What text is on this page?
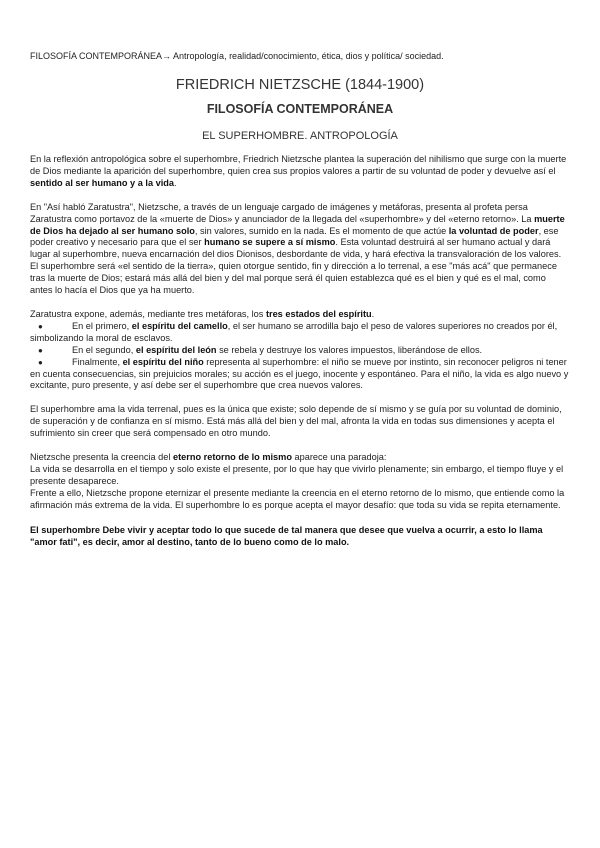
FILOSOFÍA CONTEMPORÁNEA→ Antropología, realidad/conocimiento, ética, dios y política/ sociedad.
FRIEDRICH NIETZSCHE (1844-1900)
FILOSOFÍA CONTEMPORÁNEA
EL SUPERHOMBRE. ANTROPOLOGÍA

En la reflexión antropológica sobre el superhombre, Friedrich Nietzsche plantea la superación del nihilismo que surge con la muerte de Dios mediante la aparición del superhombre, quien crea sus propios valores a partir de su voluntad de poder y devuelve así el sentido al ser humano y a la vida.

En "Así habló Zaratustra", Nietzsche, a través de un lenguaje cargado de imágenes y metáforas, presenta al profeta persa Zaratustra como portavoz de la «muerte de Dios» y anunciador de la llegada del «superhombre» y del «eterno retorno». La muerte de Dios ha dejado al ser humano solo, sin valores, sumido en la nada. Es el momento de que actúe la voluntad de poder, ese poder creativo y necesario para que el ser humano se supere a sí mismo. Esta voluntad destruirá al ser humano actual y dará lugar al superhombre, nueva encarnación del dios Dionisos, desbordante de vida, y hará efectiva la transvaloración de los valores. El superhombre será «el sentido de la tierra», quien otorgue sentido, fin y dirección a lo terrenal, a ese "más acá" que permanece tras la muerte de Dios; estará más allá del bien y del mal porque será él quien establezca qué es el bien y qué es el mal, como antes lo hacía el Dios que ya ha muerto.

Zaratustra expone, además, mediante tres metáforas, los tres estados del espíritu.

●	En el primero, el espíritu del camello, el ser humano se arrodilla bajo el peso de valores superiores no creados por él, simbolizando la moral de esclavos.
●	En el segundo, el espíritu del león se rebela y destruye los valores impuestos, liberándose de ellos.
●	Finalmente, el espíritu del niño representa al superhombre: el niño se mueve por instinto, sin reconocer peligros ni tener en cuenta consecuencias, sin prejuicios morales; su acción es el juego, inocente y espontáneo. Para el niño, la vida es algo nuevo y excitante, puro presente, y así debe ser el superhombre que crea nuevos valores.

El superhombre ama la vida terrenal, pues es la única que existe; solo depende de sí mismo y se guía por su voluntad de dominio, de superación y de confianza en sí mismo. Está más allá del bien y del mal, afronta la vida en todas sus dimensiones y acepta el sufrimiento sin creer que será compensado en otro mundo.

Nietzsche presenta la creencia del eterno retorno de lo mismo aparece una paradoja:

La vida se desarrolla en el tiempo y solo existe el presente, por lo que hay que vivirlo plenamente; sin embargo, el tiempo fluye y el presente desaparece.

Frente a ello, Nietzsche propone eternizar el presente mediante la creencia en el eterno retorno de lo mismo, que entiende como la afirmación más extrema de la vida. El superhombre lo es porque acepta el mayor desafío: que toda su vida se repita eternamente.

El superhombre Debe vivir y aceptar todo lo que sucede de tal manera que desee que vuelva a ocurrir, a esto lo llama "amor fati", es decir, amor al destino, tanto de lo bueno como de lo malo.
